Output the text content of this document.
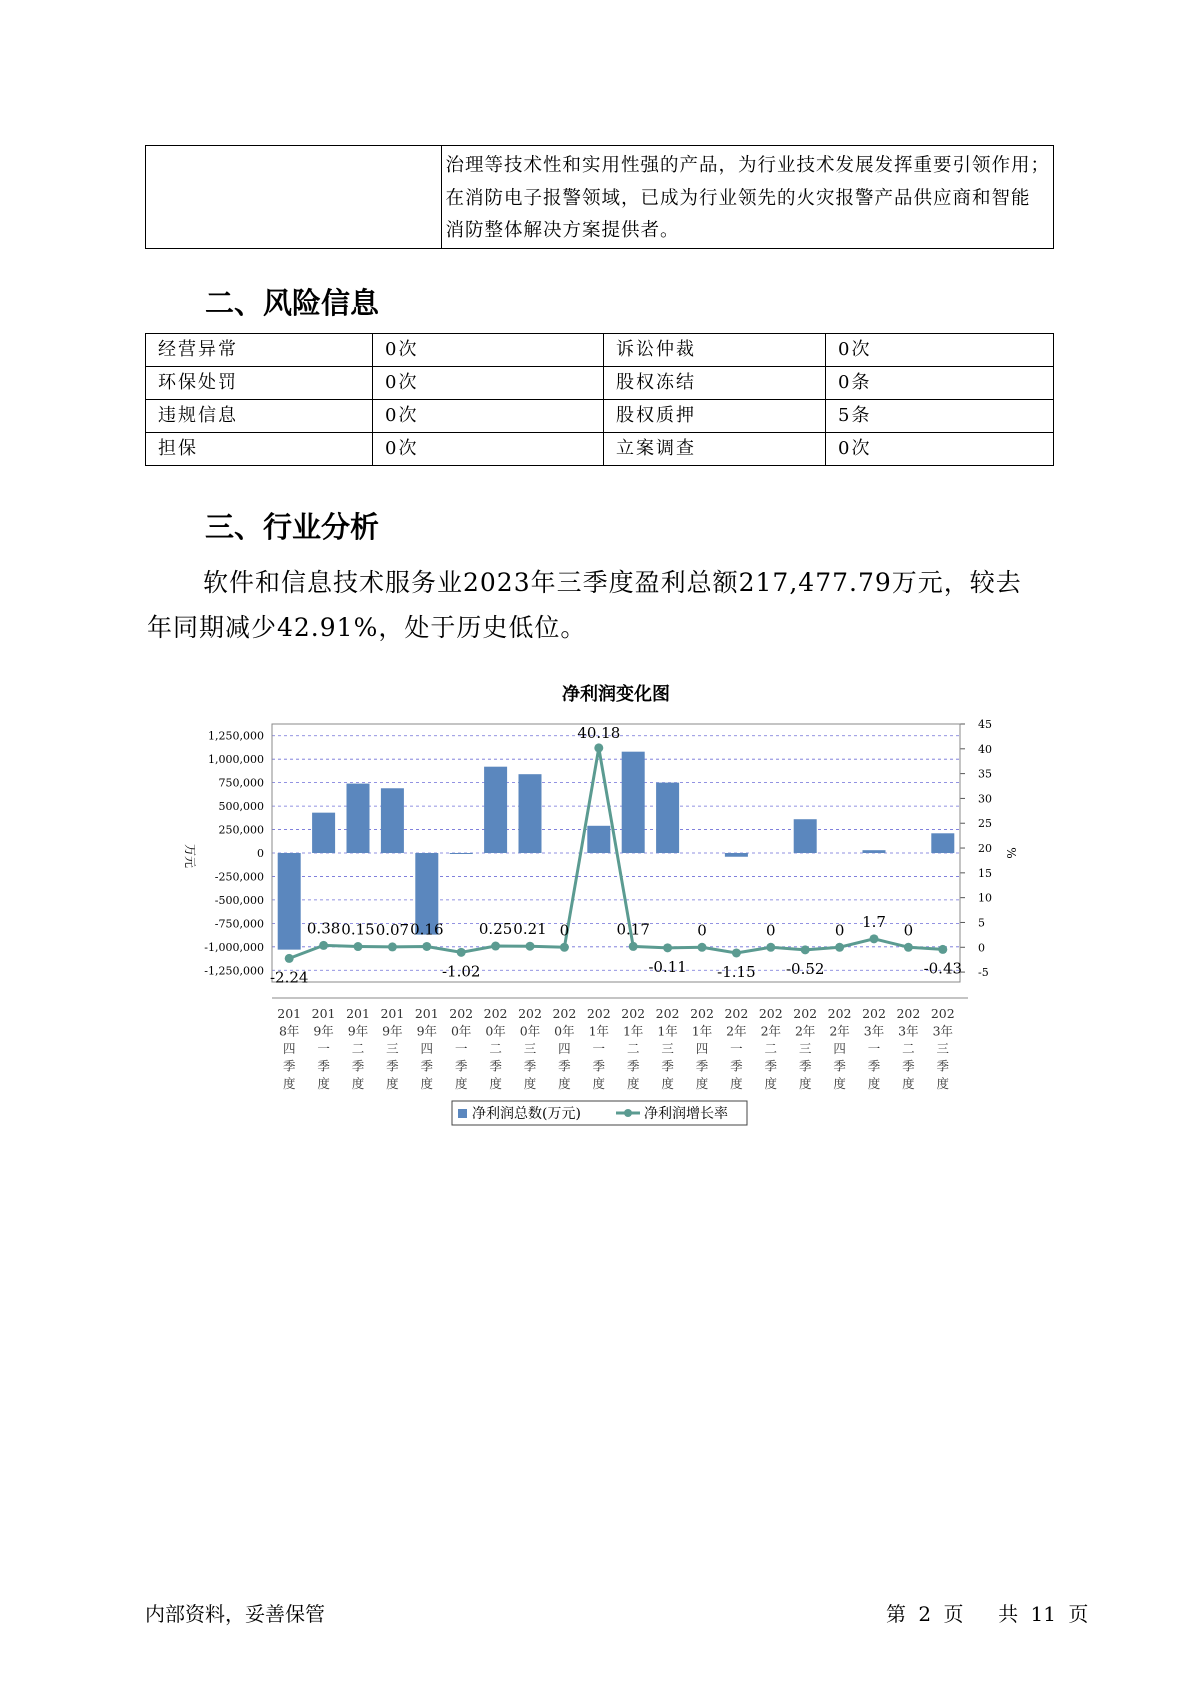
治理等技术性和实用性强的产品，为行业技术发展发挥重要引领作用；
在消防电子报警领域，已成为行业领先的火灾报警产品供应商和智能
消防整体解决方案提供者。
二、风险信息
经营异常	0次	诉讼仲裁	0次
环保处罚	0次	股权冻结	0条
违规信息	0次	股权质押	5条
担保	0次	立案调查	0次
三、行业分析
软件和信息技术服务业2023年三季度盈利总额217,477.79万元，较去
年同期减少42.91%，处于历史低位。
净利润变化图
1,250,000
1,000,000
750,000
500,000
250,000
0
-250,000
-500,000
-750,000
-1,000,000
-1,250,000
45
40
35
30
25
20
15
10
5
0
-5
万元	%
-2.24
0.38 0.15 0.07 0.16
-1.02
0.25 0.21 0
40.18
0.17
-0.11
0
-1.15
0
-0.52
0 1.7 0
-0.43
201
8年
四
季
度
201
9年
一
季
度
201
9年
二
季
度
201
9年
三
季
度
201
9年
四
季
度
202
0年
一
季
度
202
0年
二
季
度
202
0年
三
季
度
202
0年
四
季
度
202
1年
一
季
度
202
1年
二
季
度
202
1年
三
季
度
202
1年
四
季
度
202
2年
一
季
度
202
2年
二
季
度
202
2年
三
季
度
202
2年
四
季
度
202
3年
一
季
度
202
3年
二
季
度
202
3年
三
季
度
净利润总数(万元)	净利润增长率
内部资料，妥善保管	第 2 页 共 11 页
